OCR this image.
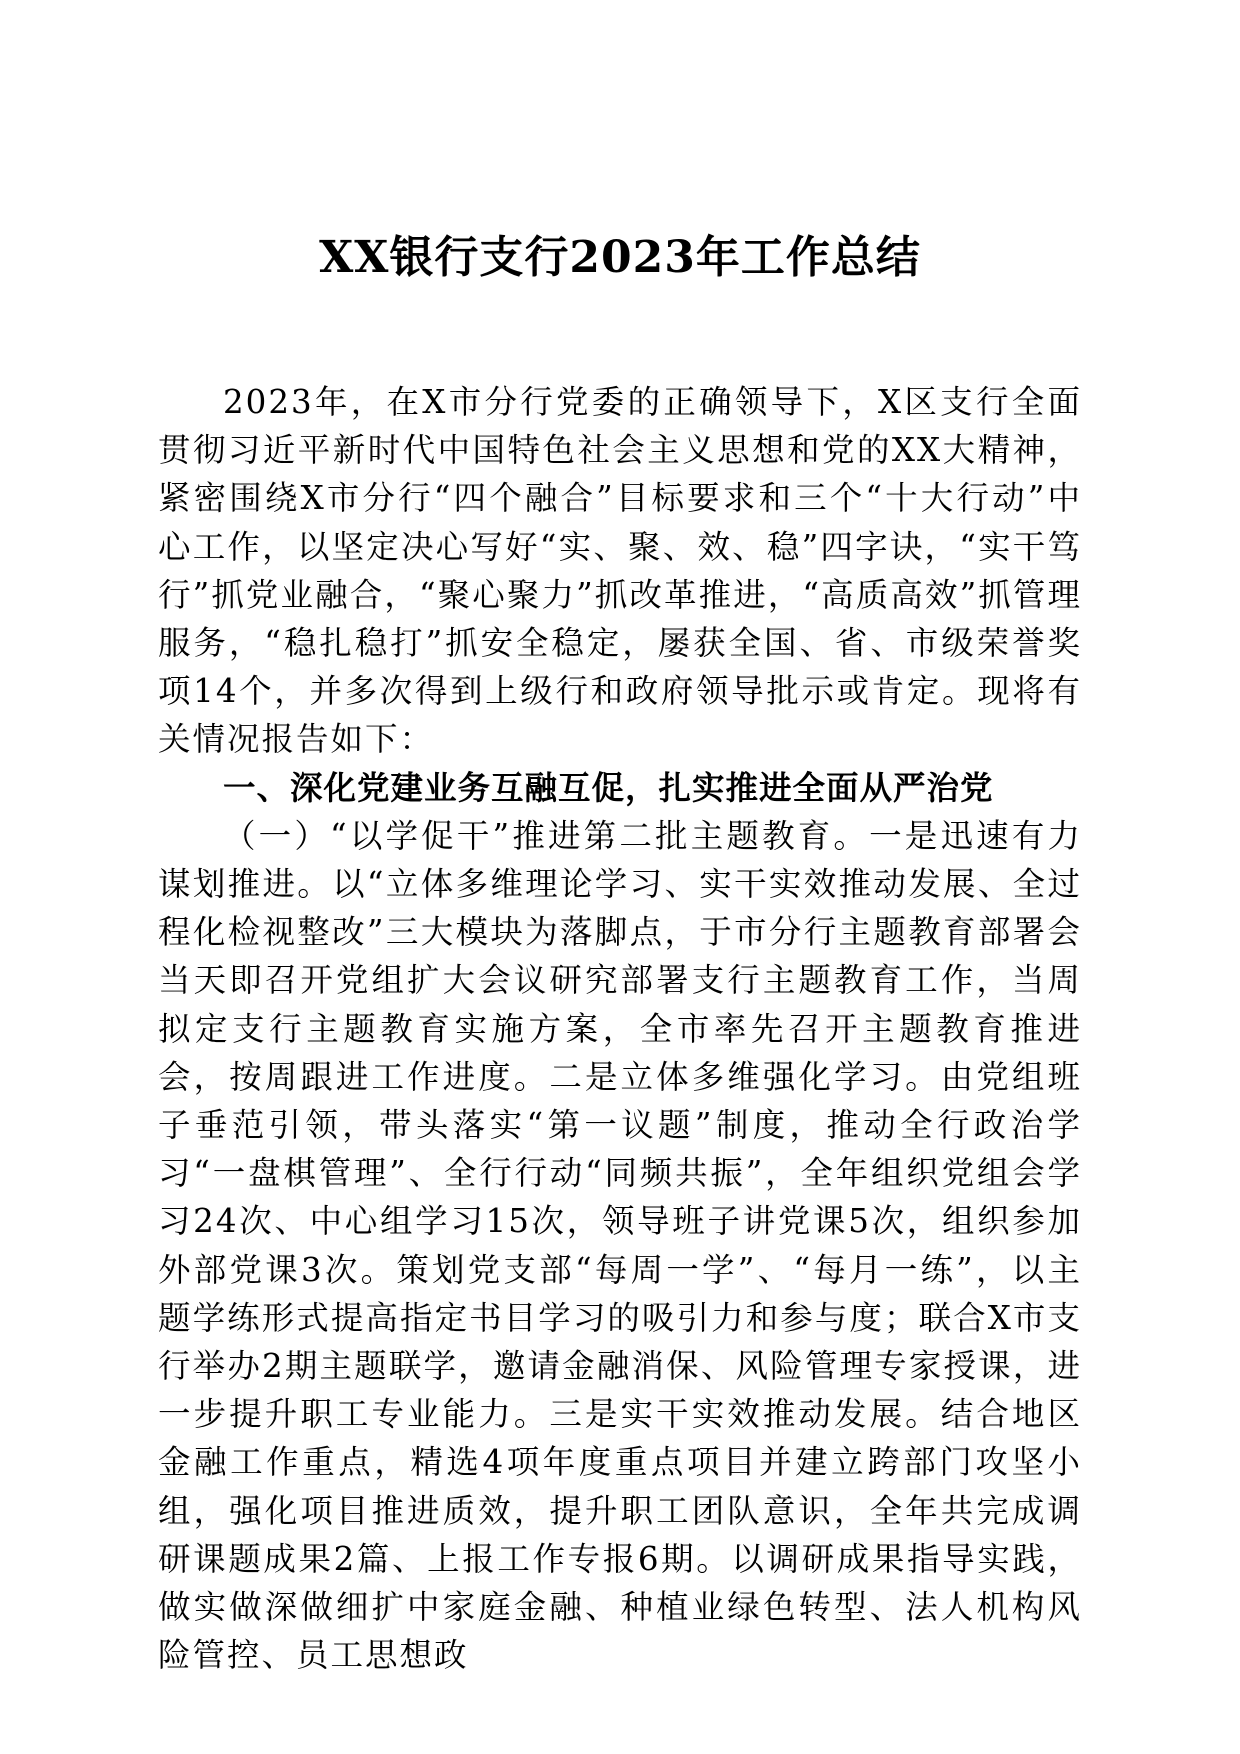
XX银行支行2023年工作总结

2023年，在X市分行党委的正确领导下，X区支行全面贯彻习近平新时代中国特色社会主义思想和党的XX大精神，紧密围绕X市分行“四个融合”目标要求和三个“十大行动”中心工作，以坚定决心写好“实、聚、效、稳”四字诀，“实干笃行”抓党业融合，“聚心聚力”抓改革推进，“高质高效”抓管理服务，“稳扎稳打”抓安全稳定，屡获全国、省、市级荣誉奖项14个，并多次得到上级行和政府领导批示或肯定。现将有关情况报告如下：

一、深化党建业务互融互促，扎实推进全面从严治党

（一）“以学促干”推进第二批主题教育。一是迅速有力谋划推进。以“立体多维理论学习、实干实效推动发展、全过程化检视整改”三大模块为落脚点，于市分行主题教育部署会当天即召开党组扩大会议研究部署支行主题教育工作，当周拟定支行主题教育实施方案，全市率先召开主题教育推进会，按周跟进工作进度。二是立体多维强化学习。由党组班子垂范引领，带头落实“第一议题”制度，推动全行政治学习“一盘棋管理”、全行行动“同频共振”，全年组织党组会学习24次、中心组学习15次，领导班子讲党课5次，组织参加外部党课3次。策划党支部“每周一学”、“每月一练”，以主题学练形式提高指定书目学习的吸引力和参与度；联合X市支行举办2期主题联学，邀请金融消保、风险管理专家授课，进一步提升职工专业能力。三是实干实效推动发展。结合地区金融工作重点，精选4项年度重点项目并建立跨部门攻坚小组，强化项目推进质效，提升职工团队意识，全年共完成调研课题成果2篇、上报工作专报6期。以调研成果指导实践，做实做深做细扩中家庭金融、种植业绿色转型、法人机构风险管控、员工思想政
